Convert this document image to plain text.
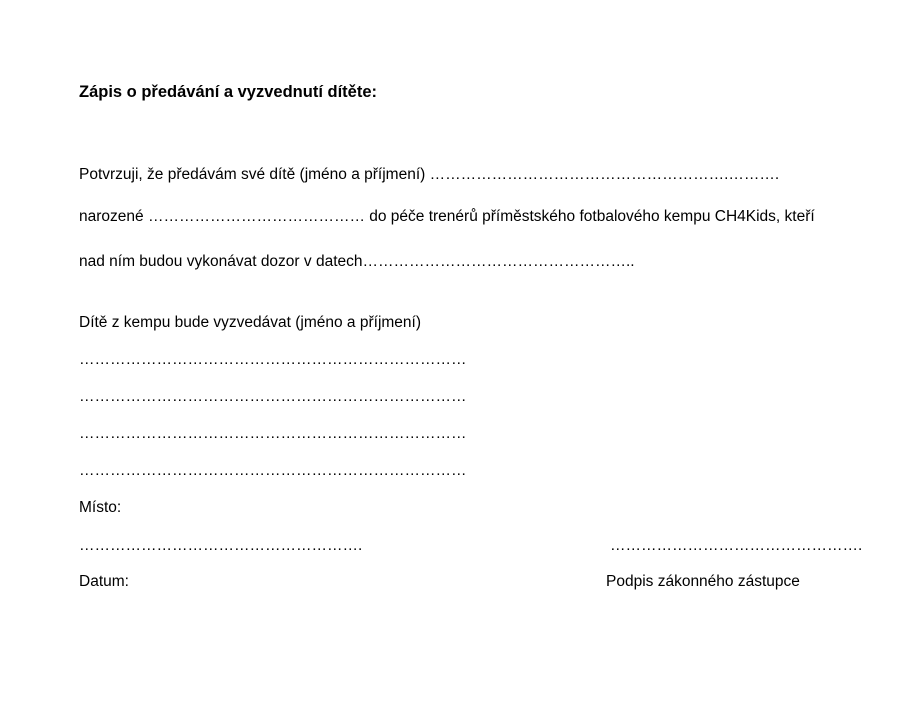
Zápis o předávání a vyzvednutí dítěte:
Potvrzuji, že předávám své dítě (jméno a příjmení) ………………………………………………….……….
narozené …………………………………… do péče trenérů příměstského fotbalového kempu CH4Kids, kteří
nad ním budou vykonávat dozor v datech……………………………………………..
Dítě z kempu bude vyzvedávat (jméno a příjmení)
…………………………………………………………………
…………………………………………………………………
…………………………………………………………………
…………………………………………………………………
Místo:
……………………………………………….	………………………………………….
Datum:	Podpis zákonného zástupce
